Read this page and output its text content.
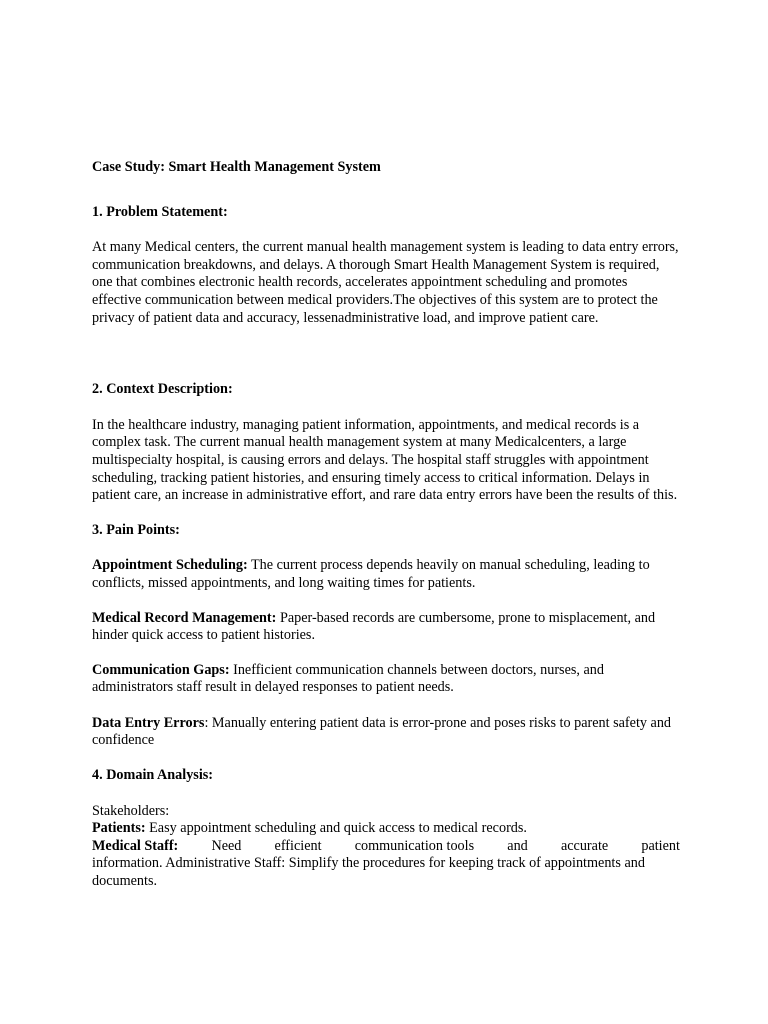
Case Study: Smart Health Management System

1. Problem Statement:

At many Medical centers, the current manual health management system is leading to data entry errors, communication breakdowns, and delays. A thorough Smart Health Management System is required, one that combines electronic health records, accelerates appointment scheduling and promotes effective communication between medical providers.The objectives of this system are to protect the privacy of patient data and accuracy, lessenadministrative load, and improve patient care.

2. Context Description:

In the healthcare industry, managing patient information, appointments, and medical records is a complex task. The current manual health management system at many Medicalcenters, a large multispecialty hospital, is causing errors and delays. The hospital staff struggles with appointment scheduling, tracking patient histories, and ensuring timely access to critical information. Delays in patient care, an increase in administrative effort, and rare data entry errors have been the results of this.

3. Pain Points:

Appointment Scheduling: The current process depends heavily on manual scheduling, leading to conflicts, missed appointments, and long waiting times for patients.

Medical Record Management: Paper-based records are cumbersome, prone to misplacement, and hinder quick access to patient histories.

Communication Gaps: Inefficient communication channels between doctors, nurses, and administrators staff result in delayed responses to patient needs.

Data Entry Errors: Manually entering patient data is error-prone and poses risks to parent safety and confidence

4. Domain Analysis:

Stakeholders:

Patients: Easy appointment scheduling and quick access to medical records.

Medical Staff: Need efficient communication tools and accurate patient

information. Administrative Staff: Simplify the procedures for keeping track of appointments and documents.
